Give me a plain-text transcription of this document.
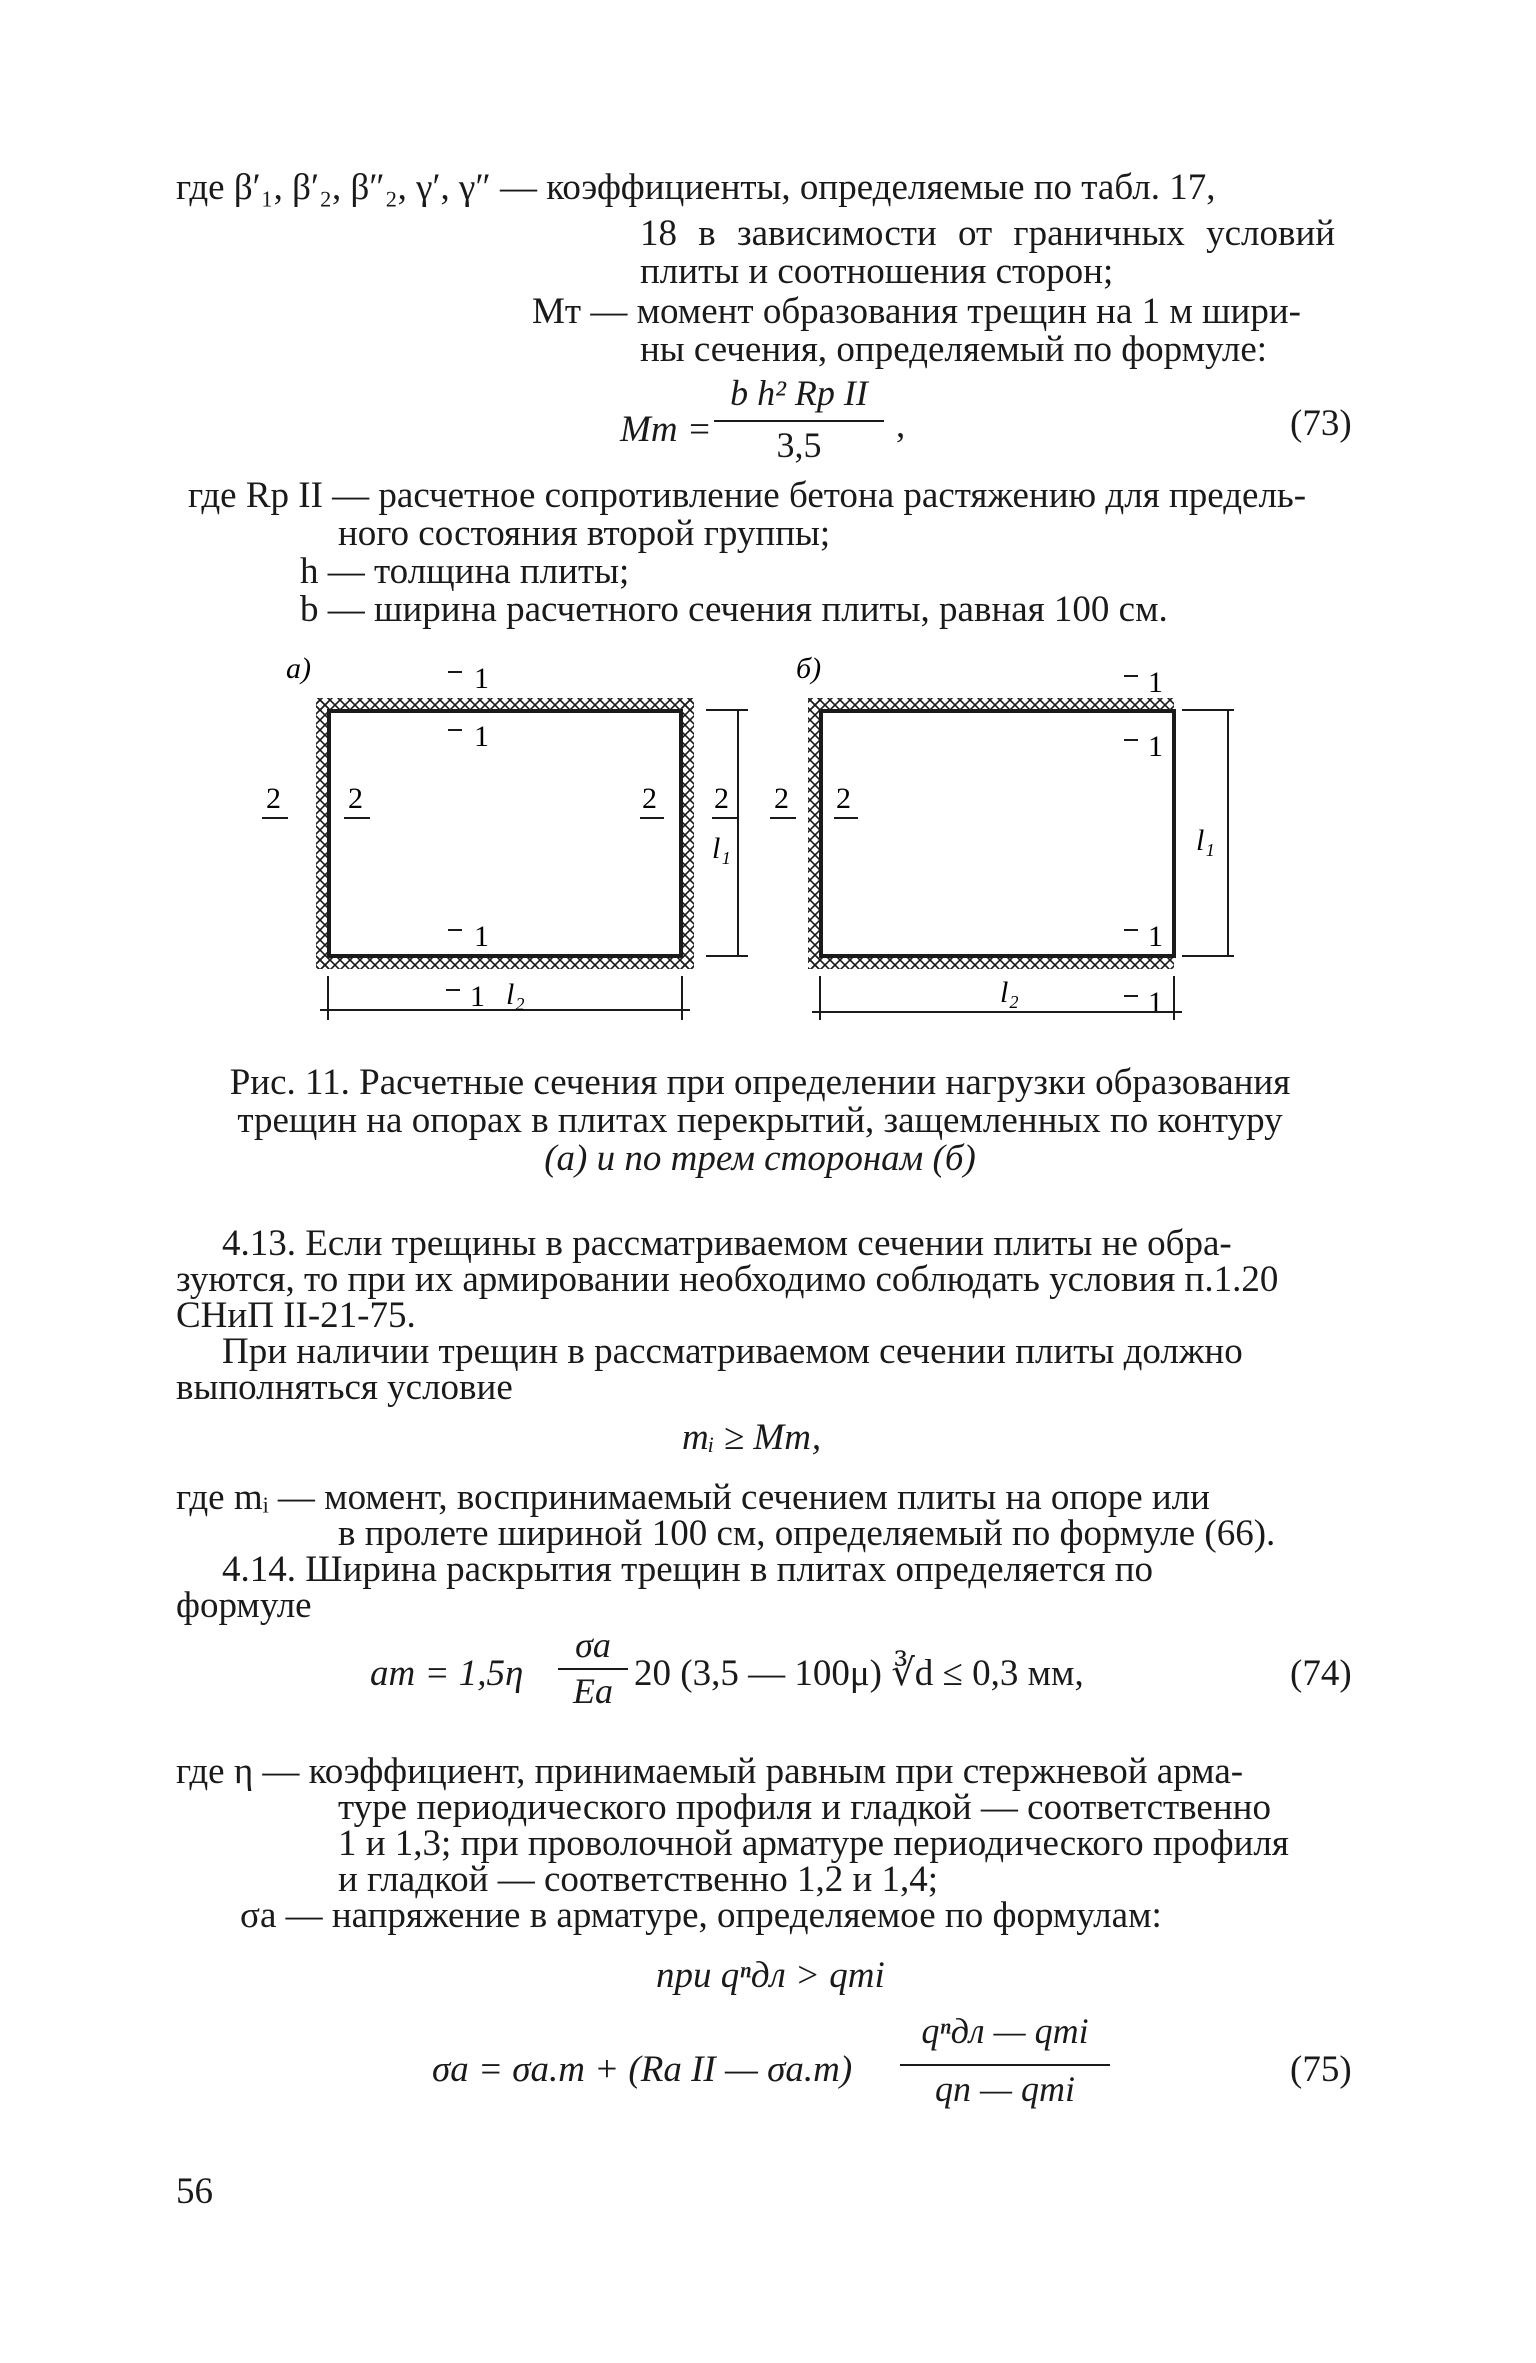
где β′₁, β′₂, β″₂, γ′, γ″ — коэффициенты, определяемые по табл. 17,
18 в зависимости от граничных условий
плиты и соотношения сторон;
Mт — момент образования трещин на 1 м шири-
ны сечения, определяемый по формуле:
Mт =
b h² Rр II
3,5	,	(73)
где Rр II — расчетное сопротивление бетона растяжению для предель-
ного состояния второй группы;
h — толщина плиты;
b — ширина расчетного сечения плиты, равная 100 см.
а)	1
1
1
1
2 2	2 2
l₁
l₂
б)	1
1
1
1
2 2
l₁
l₂
Рис. 11. Расчетные сечения при определении нагрузки образования
трещин на опорах в плитах перекрытий, защемленных по контуру
(а) и по трем сторонам (б)
4.13. Если трещины в рассматриваемом сечении плиты не обра-
зуются, то при их армировании необходимо соблюдать условия п.1.20
СНиП II-21-75.
При наличии трещин в рассматриваемом сечении плиты должно
выполняться условие
mᵢ ≥ Mт,
где mᵢ — момент, воспринимаемый сечением плиты на опоре или
в пролете шириной 100 см, определяемый по формуле (66).
4.14. Ширина раскрытия трещин в плитах определяется по
формуле
aт = 1,5η
σа
Eа 20 (3,5 — 100μ) ∛d ≤ 0,3 мм,	(74)
где η — коэффициент, принимаемый равным при стержневой арма-
туре периодического профиля и гладкой — соответственно
1 и 1,3; при проволочной арматуре периодического профиля
и гладкой — соответственно 1,2 и 1,4;
σа — напряжение в арматуре, определяемое по формулам:
при qⁿдл > qтi
σа = σа.т + (Rа II — σа.т)
qⁿдл — qтi
qп — qтi	(75)
56
